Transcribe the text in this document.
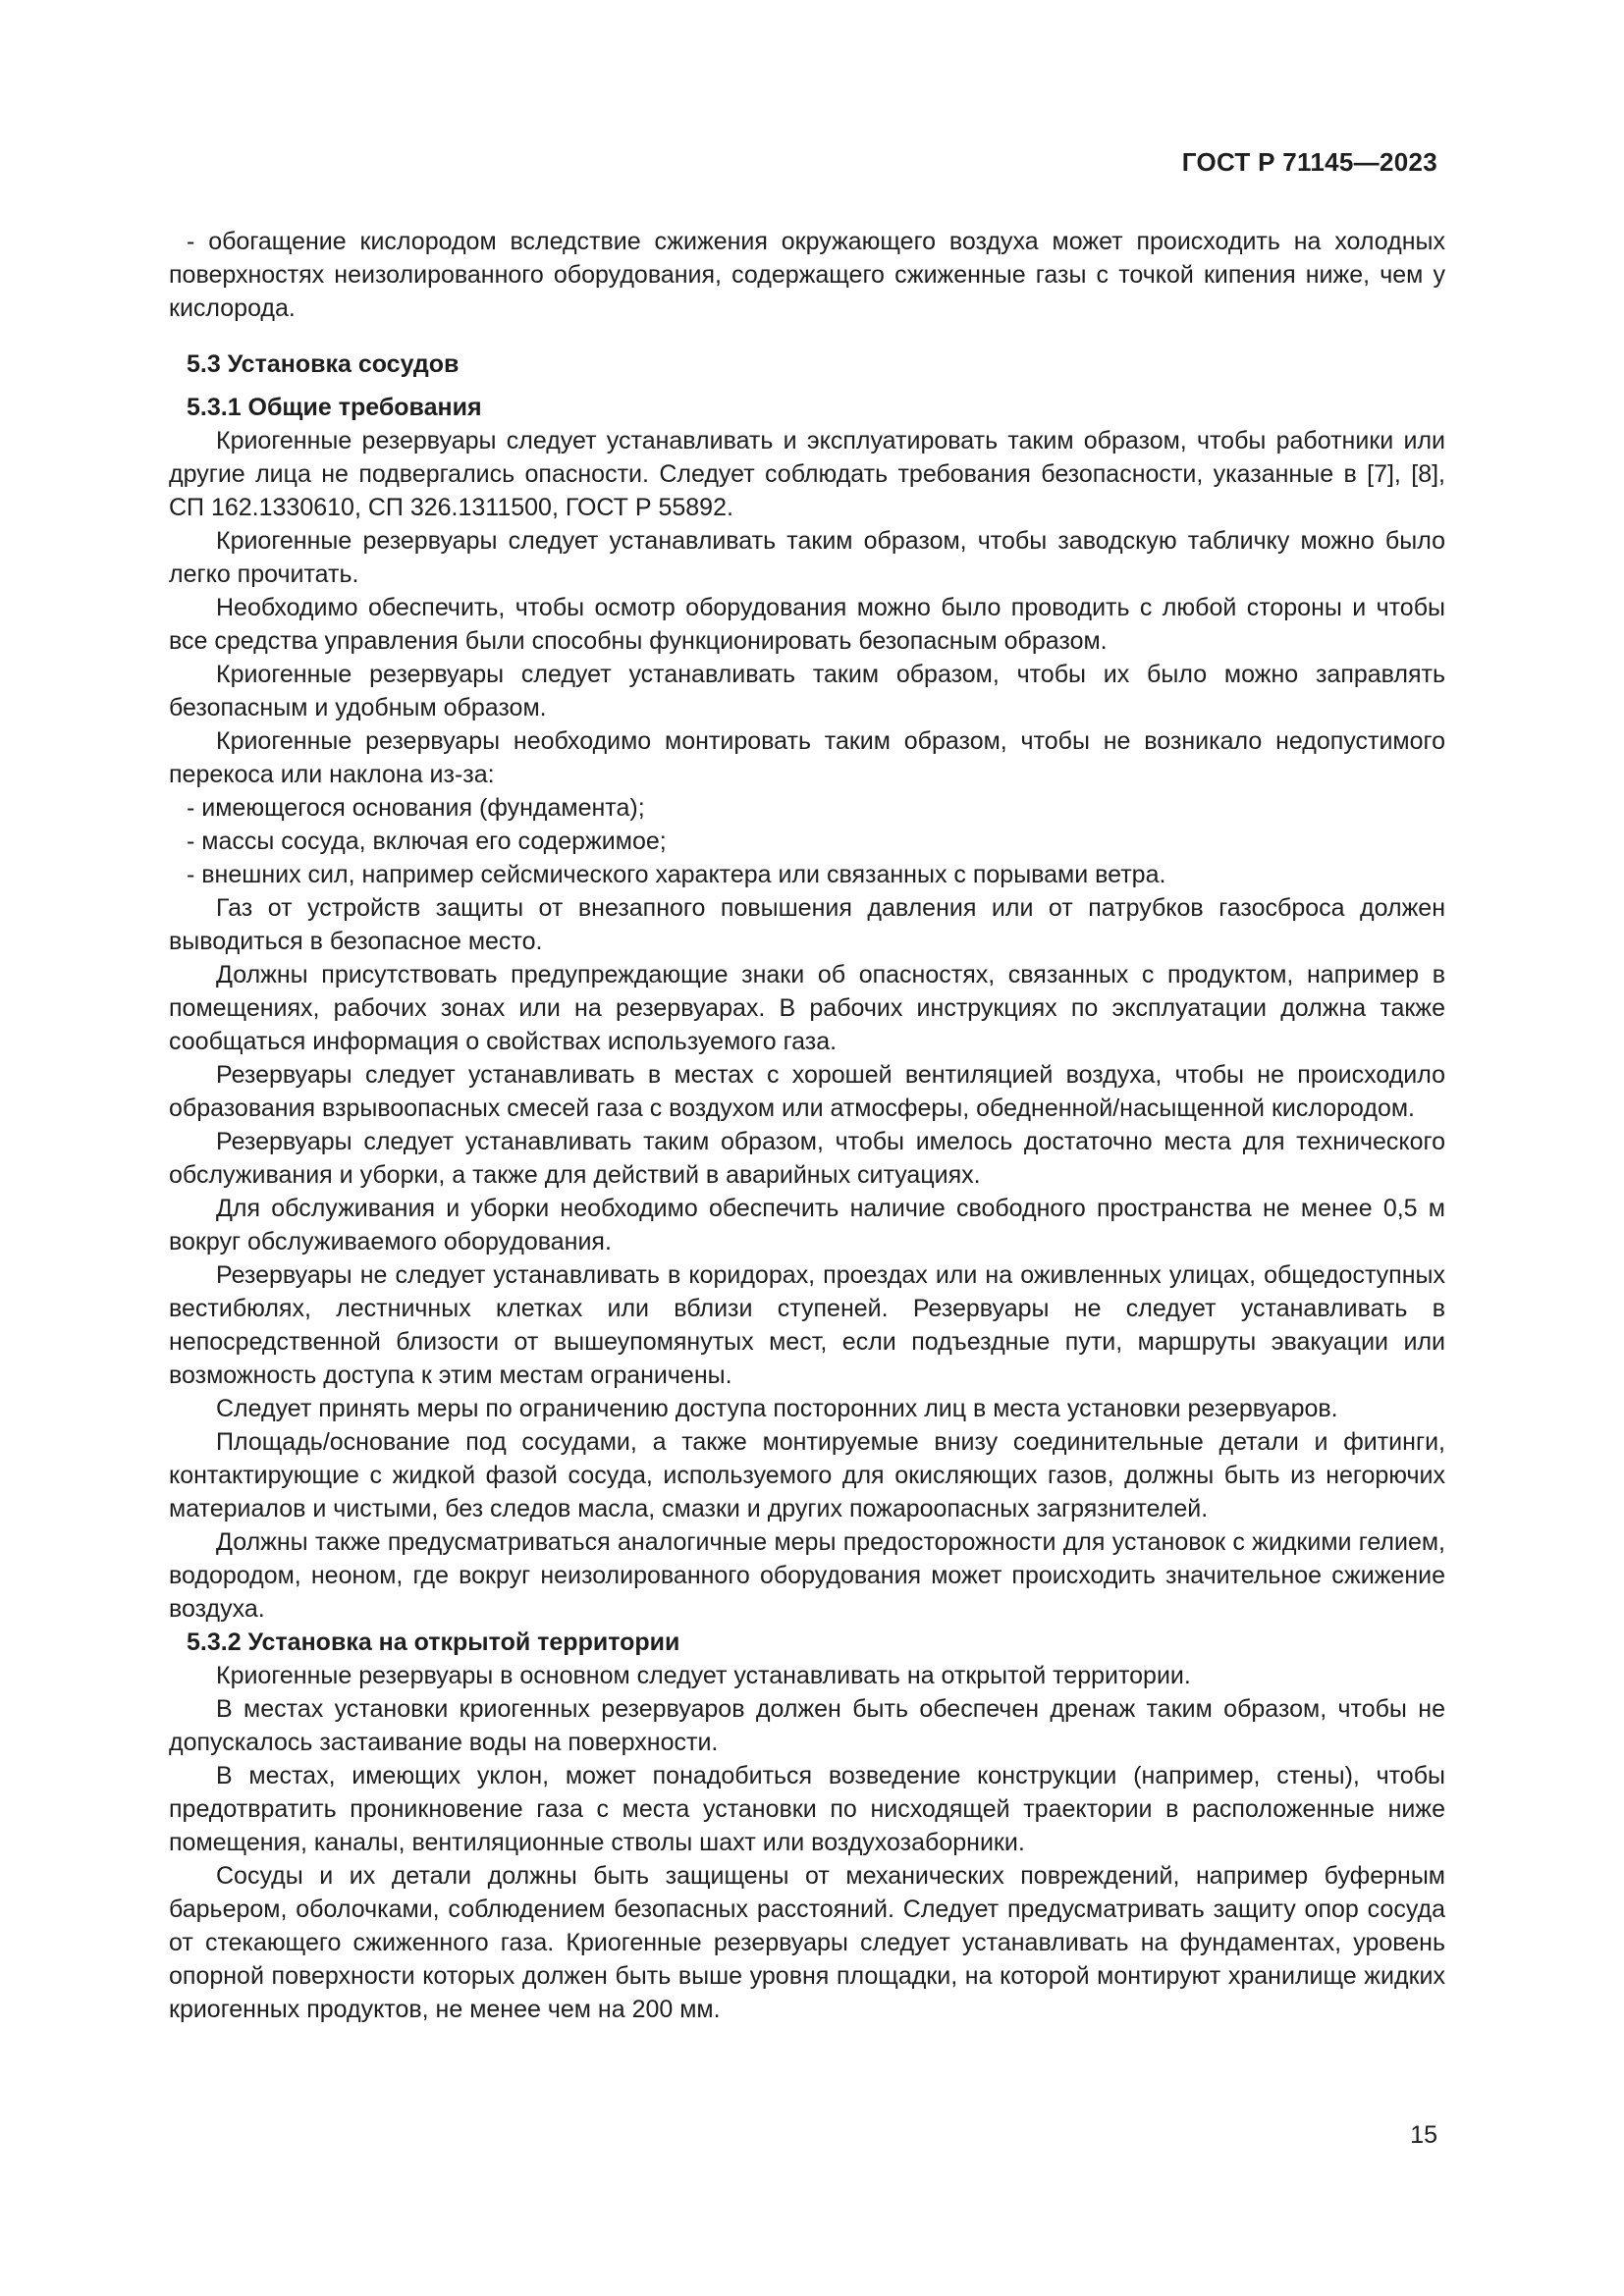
ГОСТ Р 71145—2023

- обогащение кислородом вследствие сжижения окружающего воздуха может происходить на холодных поверхностях неизолированного оборудования, содержащего сжиженные газы с точкой кипения ниже, чем у кислорода.

5.3 Установка сосудов
5.3.1 Общие требования

Криогенные резервуары следует устанавливать и эксплуатировать таким образом, чтобы работники или другие лица не подвергались опасности. Следует соблюдать требования безопасности, указанные в [7], [8], СП 162.1330610, СП 326.1311500, ГОСТ Р 55892.

Криогенные резервуары следует устанавливать таким образом, чтобы заводскую табличку можно было легко прочитать.

Необходимо обеспечить, чтобы осмотр оборудования можно было проводить с любой стороны и чтобы все средства управления были способны функционировать безопасным образом.

Криогенные резервуары следует устанавливать таким образом, чтобы их было можно заправлять безопасным и удобным образом.

Криогенные резервуары необходимо монтировать таким образом, чтобы не возникало недопустимого перекоса или наклона из-за:

- имеющегося основания (фундамента);

- массы сосуда, включая его содержимое;

- внешних сил, например сейсмического характера или связанных с порывами ветра.

Газ от устройств защиты от внезапного повышения давления или от патрубков газосброса должен выводиться в безопасное место.

Должны присутствовать предупреждающие знаки об опасностях, связанных с продуктом, например в помещениях, рабочих зонах или на резервуарах. В рабочих инструкциях по эксплуатации должна также сообщаться информация о свойствах используемого газа.

Резервуары следует устанавливать в местах с хорошей вентиляцией воздуха, чтобы не происходило образования взрывоопасных смесей газа с воздухом или атмосферы, обедненной/насыщенной кислородом.

Резервуары следует устанавливать таким образом, чтобы имелось достаточно места для технического обслуживания и уборки, а также для действий в аварийных ситуациях.

Для обслуживания и уборки необходимо обеспечить наличие свободного пространства не менее 0,5 м вокруг обслуживаемого оборудования.

Резервуары не следует устанавливать в коридорах, проездах или на оживленных улицах, общедоступных вестибюлях, лестничных клетках или вблизи ступеней. Резервуары не следует устанавливать в непосредственной близости от вышеупомянутых мест, если подъездные пути, маршруты эвакуации или возможность доступа к этим местам ограничены.

Следует принять меры по ограничению доступа посторонних лиц в места установки резервуаров.

Площадь/основание под сосудами, а также монтируемые внизу соединительные детали и фитинги, контактирующие с жидкой фазой сосуда, используемого для окисляющих газов, должны быть из негорючих материалов и чистыми, без следов масла, смазки и других пожароопасных загрязнителей.

Должны также предусматриваться аналогичные меры предосторожности для установок с жидкими гелием, водородом, неоном, где вокруг неизолированного оборудования может происходить значительное сжижение воздуха.

5.3.2 Установка на открытой территории

Криогенные резервуары в основном следует устанавливать на открытой территории.

В местах установки криогенных резервуаров должен быть обеспечен дренаж таким образом, чтобы не допускалось застаивание воды на поверхности.

В местах, имеющих уклон, может понадобиться возведение конструкции (например, стены), чтобы предотвратить проникновение газа с места установки по нисходящей траектории в расположенные ниже помещения, каналы, вентиляционные стволы шахт или воздухозаборники.

Сосуды и их детали должны быть защищены от механических повреждений, например буферным барьером, оболочками, соблюдением безопасных расстояний. Следует предусматривать защиту опор сосуда от стекающего сжиженного газа. Криогенные резервуары следует устанавливать на фундаментах, уровень опорной поверхности которых должен быть выше уровня площадки, на которой монтируют хранилище жидких криогенных продуктов, не менее чем на 200 мм.

15
